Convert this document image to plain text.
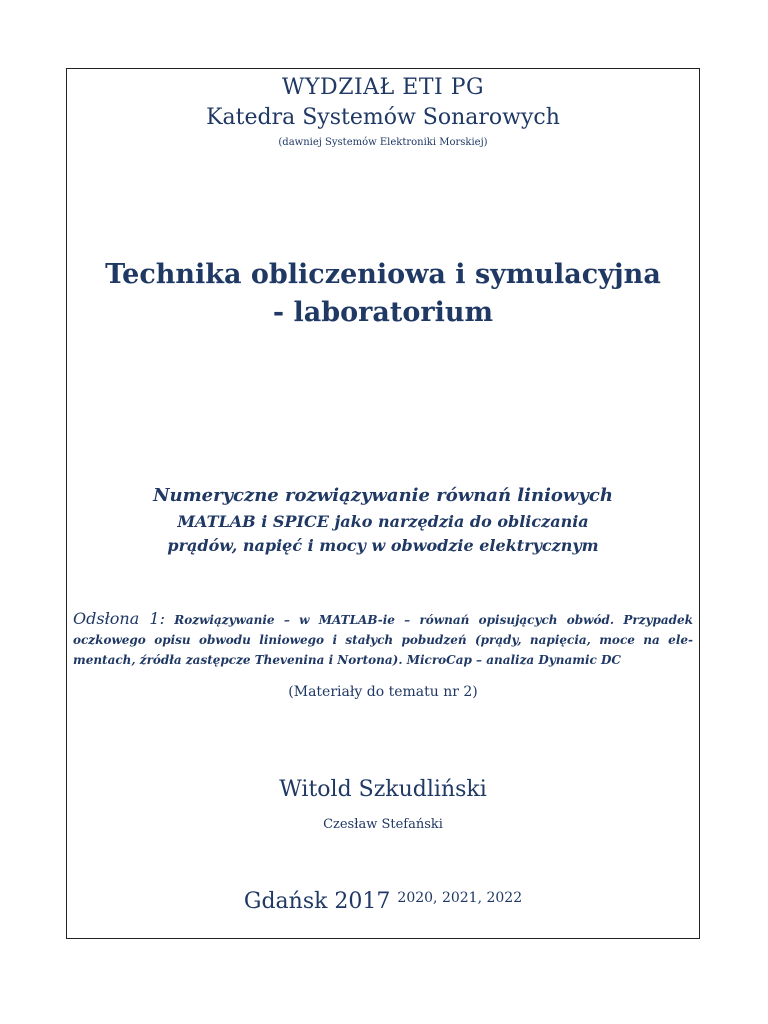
WYDZIAŁ ETI PG
Katedra Systemów Sonarowych
(dawniej Systemów Elektroniki Morskiej)
Technika obliczeniowa i symulacyjna
- laboratorium
Numeryczne rozwiązywanie równań liniowych
MATLAB i SPICE jako narzędzia do obliczania
prądów, napięć i mocy w obwodzie elektrycznym
Odsłona 1: Rozwiązywanie – w MATLAB-ie – równań opisujących obwód. Przypadek oczkowego opisu obwodu liniowego i stałych pobudzeń (prądy, napięcia, moce na ele-mentach, źródła zastępcze Thevenina i Nortona). MicroCap – analiza Dynamic DC
(Materiały do tematu nr 2)
Witold Szkudliński
Czesław Stefański
Gdańsk 2017 $^{2020, 2021, 2022}$
